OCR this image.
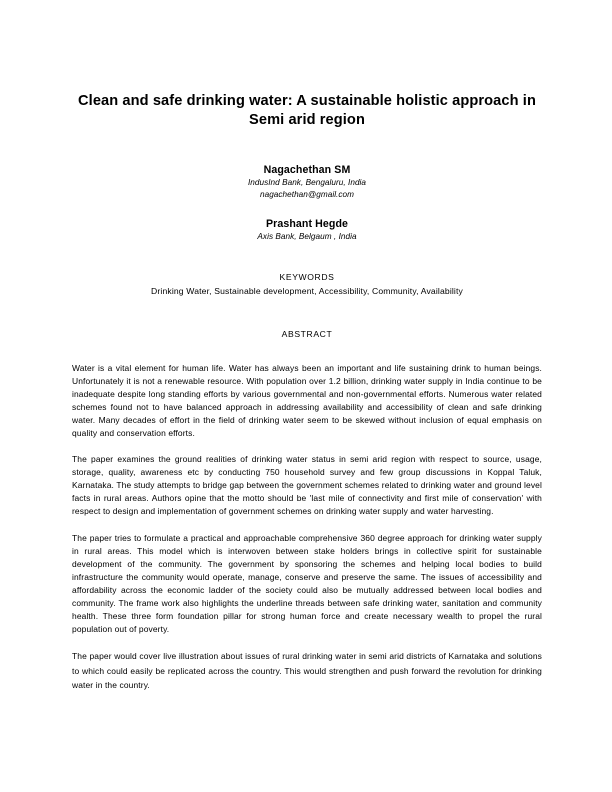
Clean and safe drinking water: A sustainable holistic approach in Semi arid region
Nagachethan SM
IndusInd Bank, Bengaluru, India
nagachethan@gmail.com
Prashant Hegde
Axis Bank, Belgaum , India
KEYWORDS
Drinking Water, Sustainable development, Accessibility, Community, Availability
ABSTRACT

Water is a vital element for human life. Water has always been an important and life sustaining drink to human beings. Unfortunately it is not a renewable resource. With population over 1.2 billion, drinking water supply in India continue to be inadequate despite long standing efforts by various governmental and non-governmental efforts. Numerous water related schemes found not to have balanced approach in addressing availability and accessibility of clean and safe drinking water. Many decades of effort in the field of drinking water seem to be skewed without inclusion of equal emphasis on quality and conservation efforts.

The paper examines the ground realities of drinking water status in semi arid region with respect to source, usage, storage, quality, awareness etc by conducting 750 household survey and few group discussions in Koppal Taluk, Karnataka. The study attempts to bridge gap between the government schemes related to drinking water and ground level facts in rural areas. Authors opine that the motto should be 'last mile of connectivity and first mile of conservation' with respect to design and implementation of government schemes on drinking water supply and water harvesting.

The paper tries to formulate a practical and approachable comprehensive 360 degree approach for drinking water supply in rural areas. This model which is interwoven between stake holders brings in collective spirit for sustainable development of the community. The government by sponsoring the schemes and helping local bodies to build infrastructure the community would operate, manage, conserve and preserve the same. The issues of accessibility and affordability across the economic ladder of the society could also be mutually addressed between local bodies and community. The frame work also highlights the underline threads between safe drinking water, sanitation and community health. These three form foundation pillar for strong human force and create necessary wealth to propel the rural population out of poverty.

The paper would cover live illustration about issues of rural drinking water in semi arid districts of Karnataka and solutions to which could easily be replicated across the country. This would strengthen and push forward the revolution for drinking water in the country.
